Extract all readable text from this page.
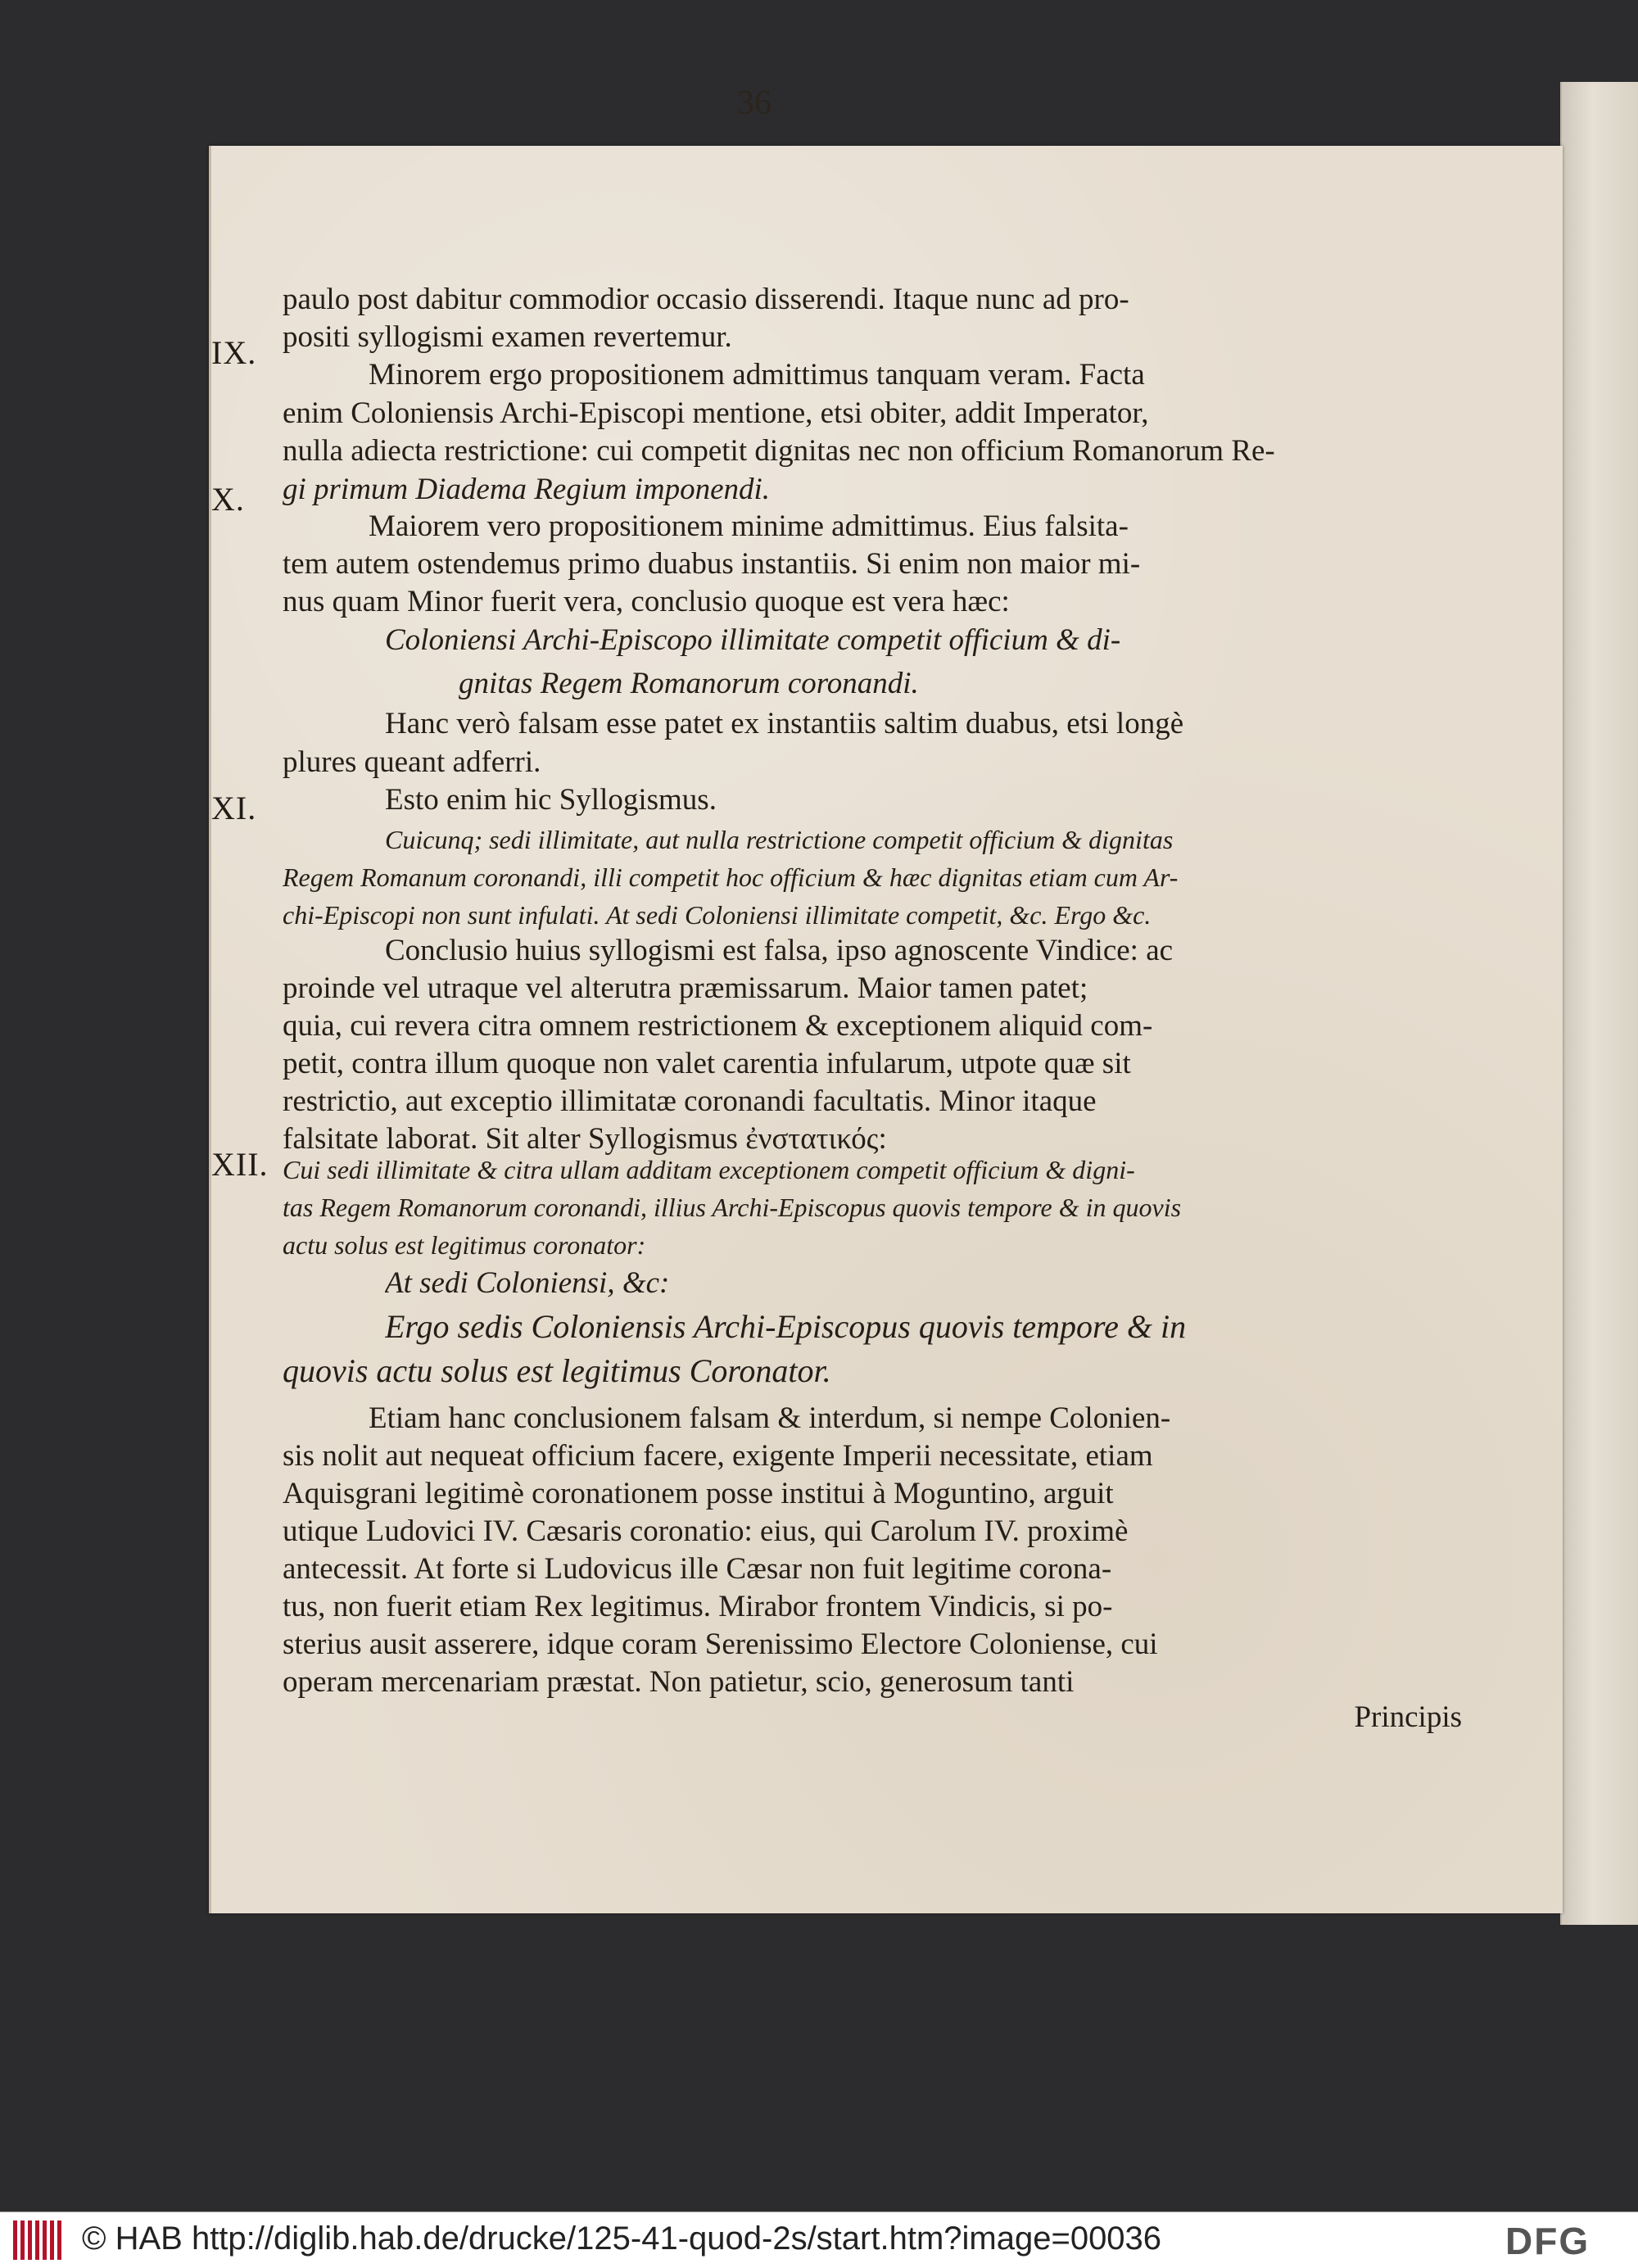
36
IX.
X.
XI.
XII.
paulo post dabitur commodior occasio disserendi. Itaque nunc ad pro-
positi syllogismi examen revertemur.
Minorem ergo propositionem admittimus tanquam veram. Facta
enim Coloniensis Archi-Episcopi mentione, etsi obiter, addit Imperator,
nulla adiecta restrictione: cui competit dignitas nec non officium Romanorum Re-
gi primum Diadema Regium imponendi.
Maiorem vero propositionem minime admittimus. Eius falsita-
tem autem ostendemus primo duabus instantiis. Si enim non maior mi-
nus quam Minor fuerit vera, conclusio quoque est vera hæc:
Coloniensi Archi-Episcopo illimitate competit officium & di-
gnitas Regem Romanorum coronandi.
Hanc verò falsam esse patet ex instantiis saltim duabus, etsi longè
plures queant adferri.
Esto enim hic Syllogismus.
Cuicunq; sedi illimitate, aut nulla restrictione competit officium & dignitas
Regem Romanum coronandi, illi competit hoc officium & hæc dignitas etiam cum Ar-
chi-Episcopi non sunt infulati. At sedi Coloniensi illimitate competit, &c. Ergo &c.
Conclusio huius syllogismi est falsa, ipso agnoscente Vindice: ac
proinde vel utraque vel alterutra præmissarum. Maior tamen patet;
quia, cui revera citra omnem restrictionem & exceptionem aliquid com-
petit, contra illum quoque non valet carentia infularum, utpote quæ sit
restrictio, aut exceptio illimitatæ coronandi facultatis. Minor itaque
falsitate laborat. Sit alter Syllogismus ἐνστατικός:
Cui sedi illimitate & citra ullam additam exceptionem competit officium & digni-
tas Regem Romanorum coronandi, illius Archi-Episcopus quovis tempore & in quovis
actu solus est legitimus coronator:
At sedi Coloniensi, &c:
Ergo sedis Coloniensis Archi-Episcopus quovis tempore & in
quovis actu solus est legitimus Coronator.
Etiam hanc conclusionem falsam & interdum, si nempe Colonien-
sis nolit aut nequeat officium facere, exigente Imperii necessitate, etiam
Aquisgrani legitimè coronationem posse institui à Moguntino, arguit
utique Ludovici IV. Cæsaris coronatio: eius, qui Carolum IV. proximè
antecessit. At forte si Ludovicus ille Cæsar non fuit legitime corona-
tus, non fuerit etiam Rex legitimus. Mirabor frontem Vindicis, si po-
sterius ausit asserere, idque coram Serenissimo Electore Coloniense, cui
operam mercenariam præstat. Non patietur, scio, generosum tanti
Principis
© HAB http://diglib.hab.de/drucke/125-41-quod-2s/start.htm?image=00036	DFG
